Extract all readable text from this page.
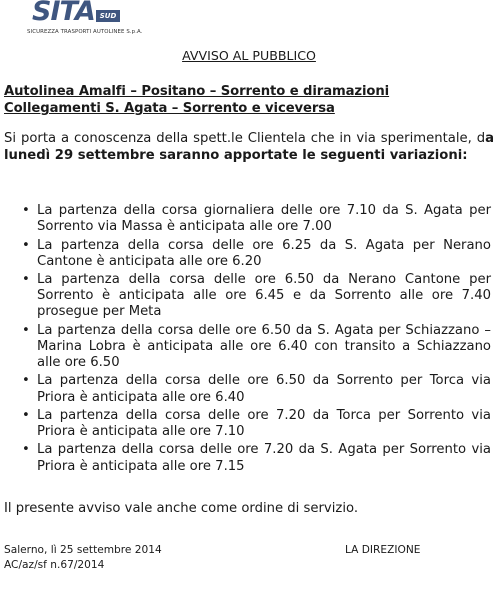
SITA SUD
SICUREZZA TRASPORTI AUTOLINEE S.p.A.
AVVISO AL PUBBLICO
Autolinea Amalfi – Positano – Sorrento e diramazioni
Collegamenti S. Agata – Sorrento e viceversa
Si porta a conoscenza della spett.le Clientela che in via sperimentale, da lunedì 29 settembre saranno apportate le seguenti variazioni:
• La partenza della corsa giornaliera delle ore 7.10 da S. Agata per Sorrento via Massa è anticipata alle ore 7.00
• La partenza della corsa delle ore 6.25 da S. Agata per Nerano Cantone è anticipata alle ore 6.20
• La partenza della corsa delle ore 6.50 da Nerano Cantone per Sorrento è anticipata alle ore 6.45 e da Sorrento alle ore 7.40 prosegue per Meta
• La partenza della corsa delle ore 6.50 da S. Agata per Schiazzano – Marina Lobra è anticipata alle ore 6.40 con transito a Schiazzano alle ore 6.50
• La partenza della corsa delle ore 6.50 da Sorrento per Torca via Priora è anticipata alle ore 6.40
• La partenza della corsa delle ore 7.20 da Torca per Sorrento via Priora è anticipata alle ore 7.10
• La partenza della corsa delle ore 7.20 da S. Agata per Sorrento via Priora è anticipata alle ore 7.15
Il presente avviso vale anche come ordine di servizio.
Salerno, lì 25 settembre 2014
AC/az/sf n.67/2014
LA DIREZIONE
